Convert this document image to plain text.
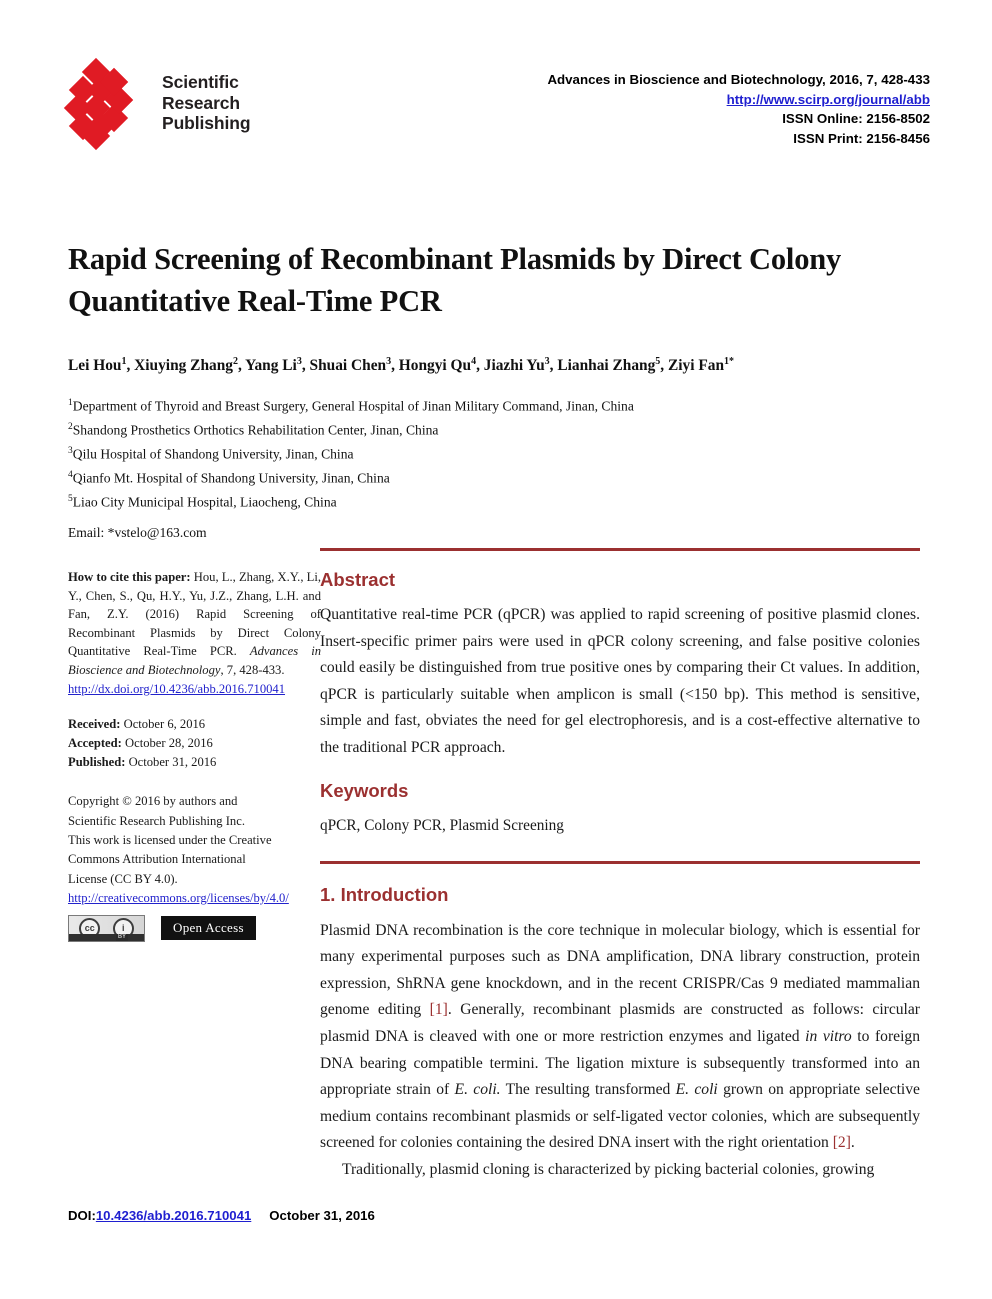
Scientific
Research
Publishing
Advances in Bioscience and Biotechnology, 2016, 7, 428-433
http://www.scirp.org/journal/abb
ISSN Online: 2156-8502
ISSN Print: 2156-8456
Rapid Screening of Recombinant Plasmids by Direct Colony Quantitative Real-Time PCR
Lei Hou$^1$, Xiuying Zhang$^2$, Yang Li$^3$, Shuai Chen$^3$, Hongyi Qu$^4$, Jiazhi Yu$^3$, Lianhai Zhang$^5$, Ziyi Fan$^{1*}$
$^1$Department of Thyroid and Breast Surgery, General Hospital of Jinan Military Command, Jinan, China
$^2$Shandong Prosthetics Orthotics Rehabilitation Center, Jinan, China
$^3$Qilu Hospital of Shandong University, Jinan, China
$^4$Qianfo Mt. Hospital of Shandong University, Jinan, China
$^5$Liao City Municipal Hospital, Liaocheng, China
Email: *vstelo@163.com
How to cite this paper: Hou, L., Zhang, X.Y., Li, Y., Chen, S., Qu, H.Y., Yu, J.Z., Zhang, L.H. and Fan, Z.Y. (2016) Rapid Screening of Recombinant Plasmids by Direct Colony Quantitative Real-Time PCR. Advances in Bioscience and Biotechnology, 7, 428-433.
http://dx.doi.org/10.4236/abb.2016.710041
Received: October 6, 2016
Accepted: October 28, 2016
Published: October 31, 2016
Copyright © 2016 by authors and
Scientific Research Publishing Inc.
This work is licensed under the Creative
Commons Attribution International
License (CC BY 4.0).
http://creativecommons.org/licenses/by/4.0/
cc	i
BY
Open Access
Abstract

Quantitative real-time PCR (qPCR) was applied to rapid screening of positive plasmid clones. Insert-specific primer pairs were used in qPCR colony screening, and false positive colonies could easily be distinguished from true positive ones by comparing their Ct values. In addition, qPCR is particularly suitable when amplicon is small (<150 bp). This method is sensitive, simple and fast, obviates the need for gel electrophoresis, and is a cost-effective alternative to the traditional PCR approach.

Keywords

qPCR, Colony PCR, Plasmid Screening

1. Introduction

Plasmid DNA recombination is the core technique in molecular biology, which is essential for many experimental purposes such as DNA amplification, DNA library construction, protein expression, ShRNA gene knockdown, and in the recent CRISPR/Cas 9 mediated mammalian genome editing [1]. Generally, recombinant plasmids are constructed as follows: circular plasmid DNA is cleaved with one or more restriction enzymes and ligated in vitro to foreign DNA bearing compatible termini. The ligation mixture is subsequently transformed into an appropriate strain of E. coli. The resulting transformed E. coli grown on appropriate selective medium contains recombinant plasmids or self-ligated vector colonies, which are subsequently screened for colonies containing the desired DNA insert with the right orientation [2].

Traditionally, plasmid cloning is characterized by picking bacterial colonies, growing

DOI:10.4236/abb.2016.710041 October 31, 2016
